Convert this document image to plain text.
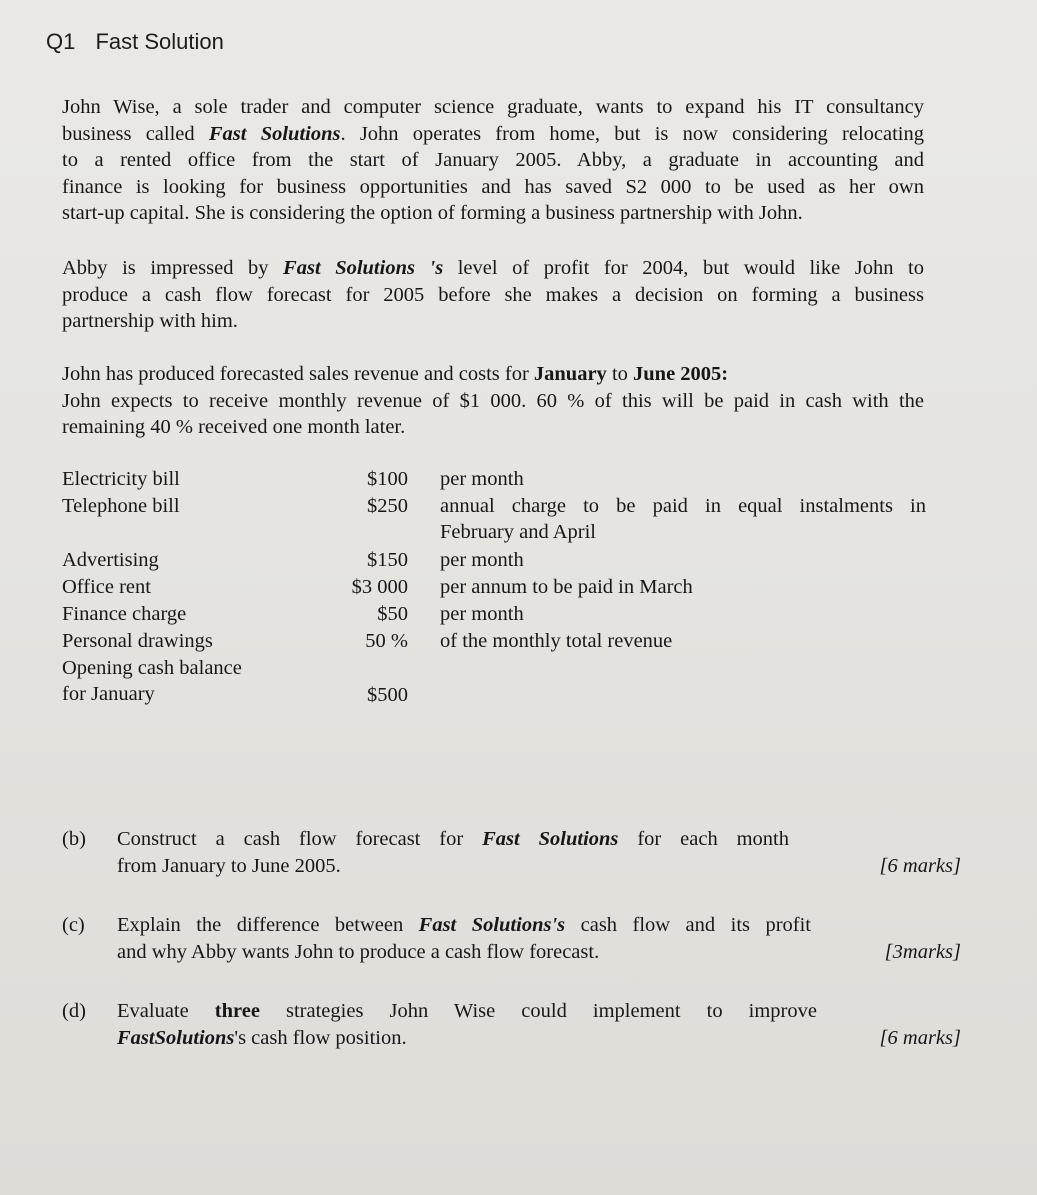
Q1 Fast Solution
John Wise, a sole trader and computer science graduate, wants to expand his IT consultancy
business called Fast Solutions. John operates from home, but is now considering relocating
to a rented office from the start of January 2005. Abby, a graduate in accounting and
finance is looking for business opportunities and has saved S2 000 to be used as her own
start-up capital. She is considering the option of forming a business partnership with John.
Abby is impressed by Fast Solutions 's level of profit for 2004, but would like John to
produce a cash flow forecast for 2005 before she makes a decision on forming a business
partnership with him.
John has produced forecasted sales revenue and costs for January to June 2005:
John expects to receive monthly revenue of $1 000. 60 % of this will be paid in cash with the
remaining 40 % received one month later.
Electricity bill	$100 per month
Telephone bill	$250 annual charge to be paid in equal instalments in
February and April
Advertising	$150 per month
Office rent	$3 000 per annum to be paid in March
Finance charge	$50 per month
Personal drawings	50 % of the monthly total revenue
Opening cash balance
for January	$500
(b) Construct a cash flow forecast for Fast Solutions for each month
from January to June 2005.	[6 marks]
(c) Explain the difference between Fast Solutions's cash flow and its profit
and why Abby wants John to produce a cash flow forecast.	[3marks]
(d) Evaluate three strategies John Wise could implement to improve
FastSolutions's cash flow position.	[6 marks]
